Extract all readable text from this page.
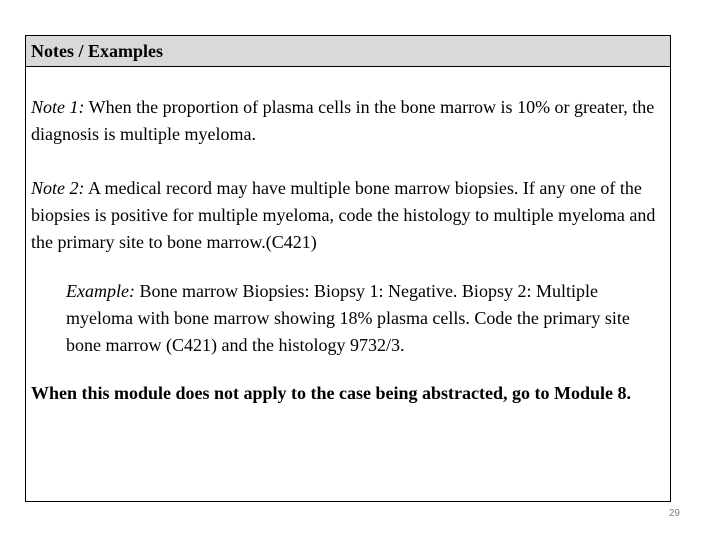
Notes / Examples

Note 1: When the proportion of plasma cells in the bone marrow is 10% or greater, the diagnosis is multiple myeloma.

Note 2: A medical record may have multiple bone marrow biopsies. If any one of the biopsies is positive for multiple myeloma, code the histology to multiple myeloma and the primary site to bone marrow.(C421)

Example: Bone marrow Biopsies: Biopsy 1: Negative. Biopsy 2: Multiple myeloma with bone marrow showing 18% plasma cells. Code the primary site bone marrow (C421) and the histology 9732/3.

When this module does not apply to the case being abstracted, go to Module 8.

29
